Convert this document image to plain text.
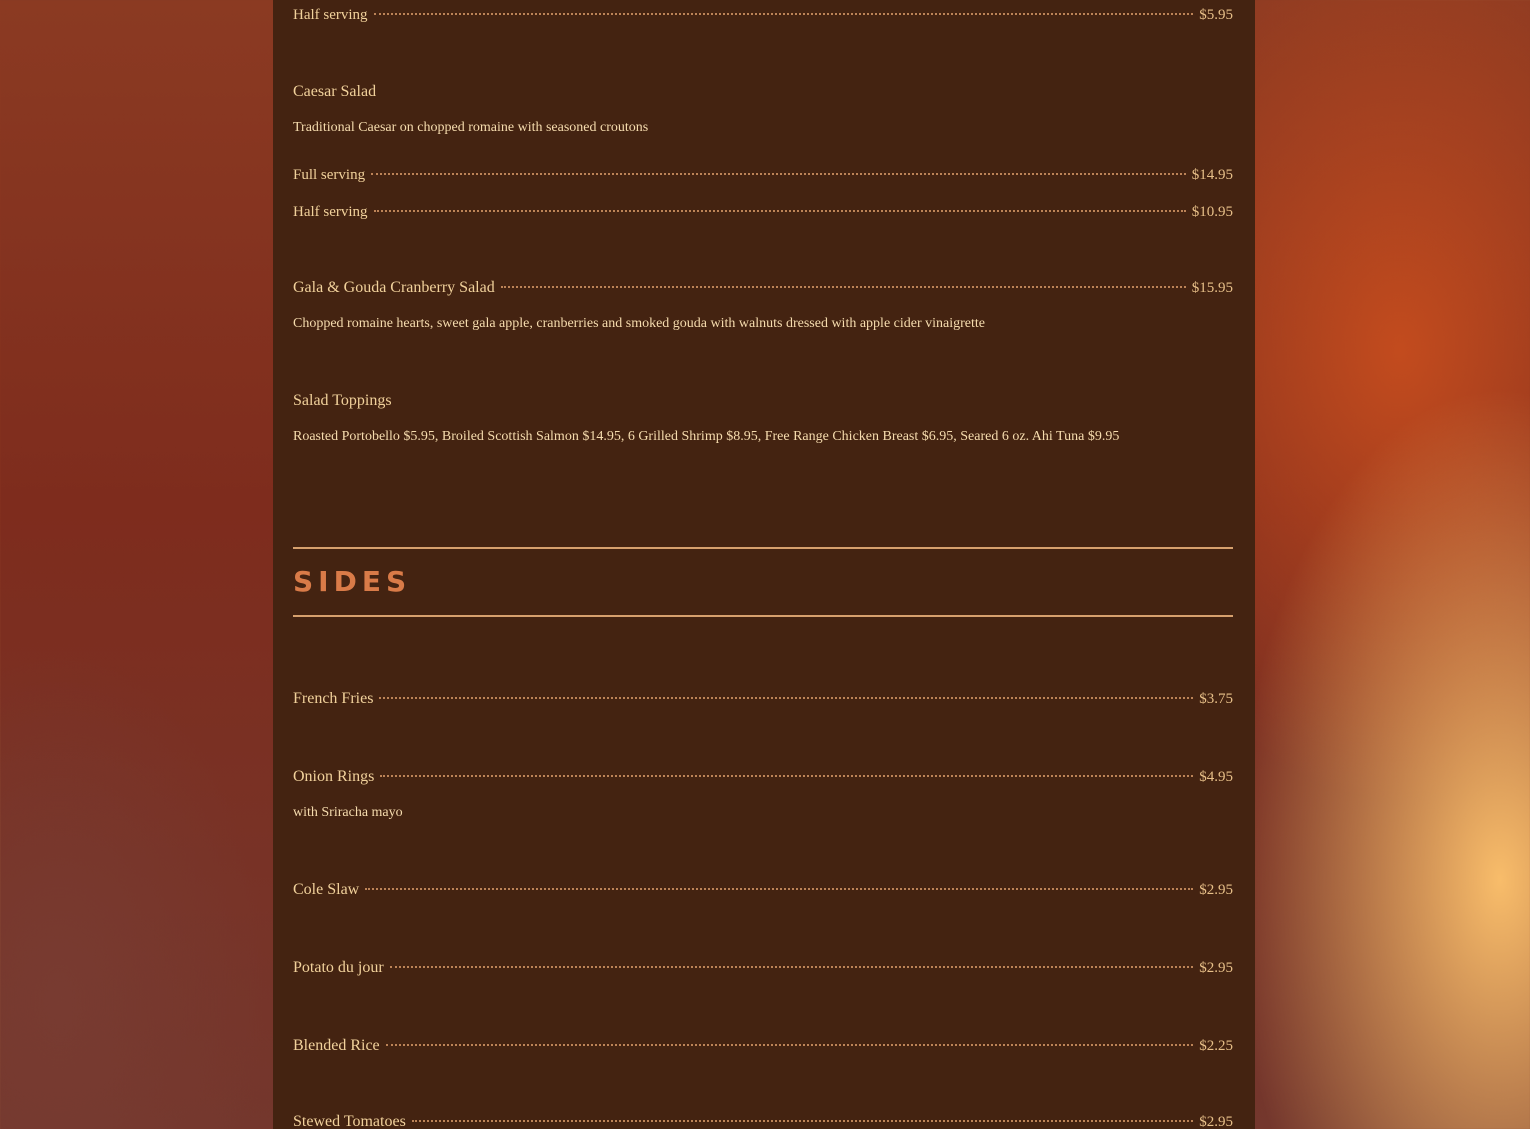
Half serving	$5.95
Caesar Salad
Traditional Caesar on chopped romaine with seasoned croutons
Full serving	$14.95
Half serving	$10.95
Gala & Gouda Cranberry Salad	$15.95
Chopped romaine hearts, sweet gala apple, cranberries and smoked gouda with walnuts dressed with apple cider vinaigrette
Salad Toppings
Roasted Portobello $5.95, Broiled Scottish Salmon $14.95, 6 Grilled Shrimp $8.95, Free Range Chicken Breast $6.95, Seared 6 oz. Ahi Tuna $9.95
SIDES
French Fries	$3.75
Onion Rings	$4.95
with Sriracha mayo
Cole Slaw	$2.95
Potato du jour	$2.95
Blended Rice	$2.25
Stewed Tomatoes	$2.95
